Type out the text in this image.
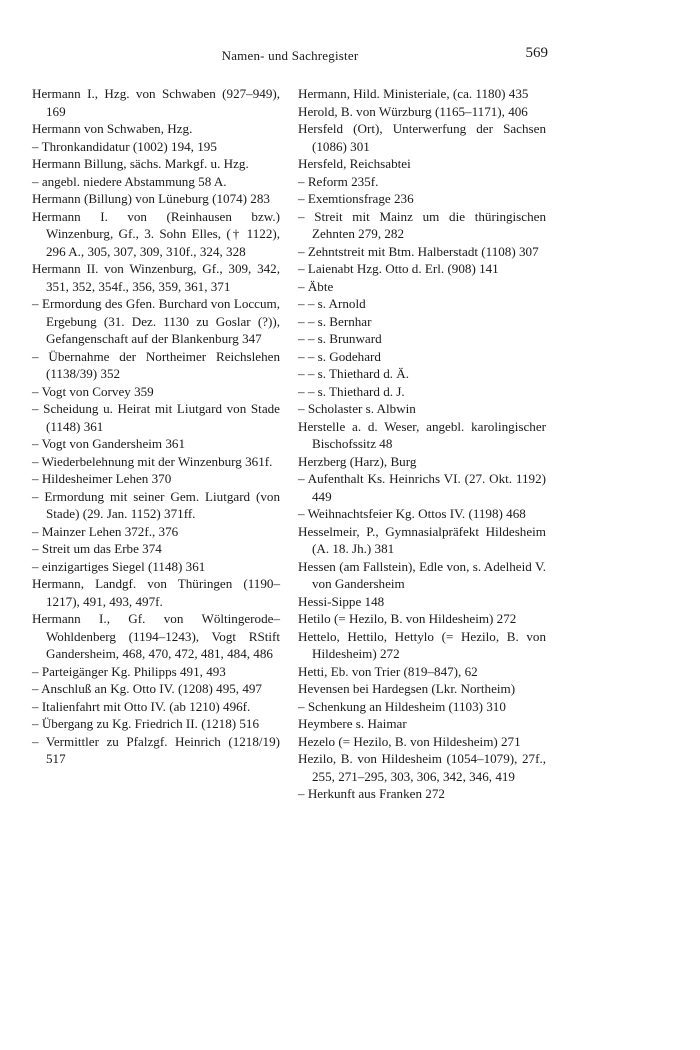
Namen- und Sachregister	569
Hermann I., Hzg. von Schwaben (927–949), 169
Hermann von Schwaben, Hzg.
– Thronkandidatur (1002) 194, 195
Hermann Billung, sächs. Markgf. u. Hzg.
– angebl. niedere Abstammung 58 A.
Hermann (Billung) von Lüneburg (1074) 283
Hermann I. von (Reinhausen bzw.) Winzenburg, Gf., 3. Sohn Elles, († 1122), 296 A., 305, 307, 309, 310f., 324, 328
Hermann II. von Winzenburg, Gf., 309, 342, 351, 352, 354f., 356, 359, 361, 371
– Ermordung des Gfen. Burchard von Loccum, Ergebung (31. Dez. 1130 zu Goslar (?)), Gefangenschaft auf der Blankenburg 347
– Übernahme der Northeimer Reichslehen (1138/39) 352
– Vogt von Corvey 359
– Scheidung u. Heirat mit Liutgard von Stade (1148) 361
– Vogt von Gandersheim 361
– Wiederbelehnung mit der Winzenburg 361f.
– Hildesheimer Lehen 370
– Ermordung mit seiner Gem. Liutgard (von Stade) (29. Jan. 1152) 371ff.
– Mainzer Lehen 372f., 376
– Streit um das Erbe 374
– einzigartiges Siegel (1148) 361
Hermann, Landgf. von Thüringen (1190–1217), 491, 493, 497f.
Hermann I., Gf. von Wöltingerode–Wohldenberg (1194–1243), Vogt RStift Gandersheim, 468, 470, 472, 481, 484, 486
– Parteigänger Kg. Philipps 491, 493
– Anschluß an Kg. Otto IV. (1208) 495, 497
– Italienfahrt mit Otto IV. (ab 1210) 496f.
– Übergang zu Kg. Friedrich II. (1218) 516
– Vermittler zu Pfalzgf. Heinrich (1218/19) 517
Hermann, Hild. Ministeriale, (ca. 1180) 435
Herold, B. von Würzburg (1165–1171), 406
Hersfeld (Ort), Unterwerfung der Sachsen (1086) 301
Hersfeld, Reichsabtei
– Reform 235f.
– Exemtionsfrage 236
– Streit mit Mainz um die thüringischen Zehnten 279, 282
– Zehntstreit mit Btm. Halberstadt (1108) 307
– Laienabt Hzg. Otto d. Erl. (908) 141
– Äbte
– – s. Arnold
– – s. Bernhar
– – s. Brunward
– – s. Godehard
– – s. Thiethard d. Ä.
– – s. Thiethard d. J.
– Scholaster s. Albwin
Herstelle a. d. Weser, angebl. karolingischer Bischofssitz 48
Herzberg (Harz), Burg
– Aufenthalt Ks. Heinrichs VI. (27. Okt. 1192) 449
– Weihnachtsfeier Kg. Ottos IV. (1198) 468
Hesselmeir, P., Gymnasialpräfekt Hildesheim (A. 18. Jh.) 381
Hessen (am Fallstein), Edle von, s. Adelheid V. von Gandersheim
Hessi-Sippe 148
Hetilo (= Hezilo, B. von Hildesheim) 272
Hettelo, Hettilo, Hettylo (= Hezilo, B. von Hildesheim) 272
Hetti, Eb. von Trier (819–847), 62
Hevensen bei Hardegsen (Lkr. Northeim)
– Schenkung an Hildesheim (1103) 310
Heymbere s. Haimar
Hezelo (= Hezilo, B. von Hildesheim) 271
Hezilo, B. von Hildesheim (1054–1079), 27f., 255, 271–295, 303, 306, 342, 346, 419
– Herkunft aus Franken 272
